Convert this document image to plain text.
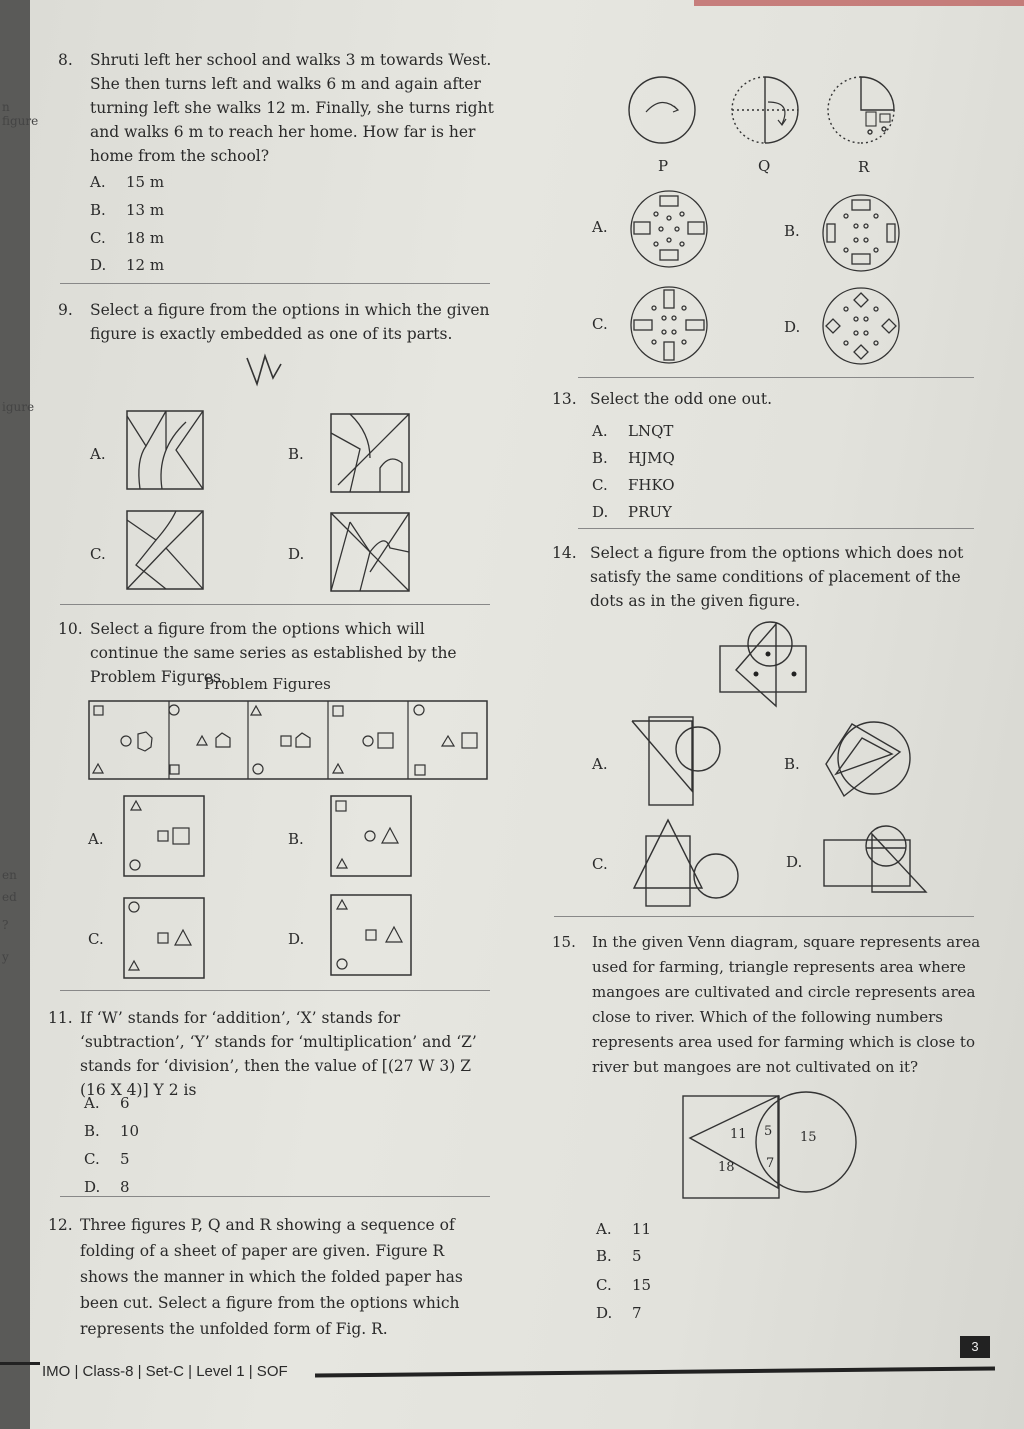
n figure
igure
en
ed
?
y
8. Shruti left her school and walks 3 m towards West. She then turns left and walks 6 m and again after turning left she walks 12 m. Finally, she turns right and walks 6 m to reach her home. How far is her home from the school?
A. 15 m
B. 13 m
C. 18 m
D. 12 m
9. Select a figure from the options in which the given figure is exactly embedded as one of its parts.
A.	B.
C.	D.
10. Select a figure from the options which will continue the same series as established by the Problem Figures.
Problem Figures
A.	B.
C.	D.
11. If ‘W’ stands for ‘addition’, ‘X’ stands for ‘subtraction’, ‘Y’ stands for ‘multiplication’ and ‘Z’ stands for ‘division’, then the value of [(27 W 3) Z (16 X 4)] Y 2 is
A. 6
B. 10
C. 5
D. 8
12. Three figures P, Q and R showing a sequence of folding of a sheet of paper are given. Figure R shows the manner in which the folded paper has been cut. Select a figure from the options which represents the unfolded form of Fig. R.
P	Q	R
A.	B.
C.	D.
13. Select the odd one out.
A. LNQT
B. HJMQ
C. FHKO
D. PRUY
14. Select a figure from the options which does not satisfy the same conditions of placement of the dots as in the given figure.
A.	B.
C.	D.
15. In the given Venn diagram, square represents area used for farming, triangle represents area where mangoes are cultivated and circle represents area close to river. Which of the following numbers represents area used for farming which is close to river but mangoes are not cultivated on it?
11 5 15
18 7
A. 11
B. 5
C. 15
D. 7
IMO | Class-8 | Set-C | Level 1 | SOF
3
